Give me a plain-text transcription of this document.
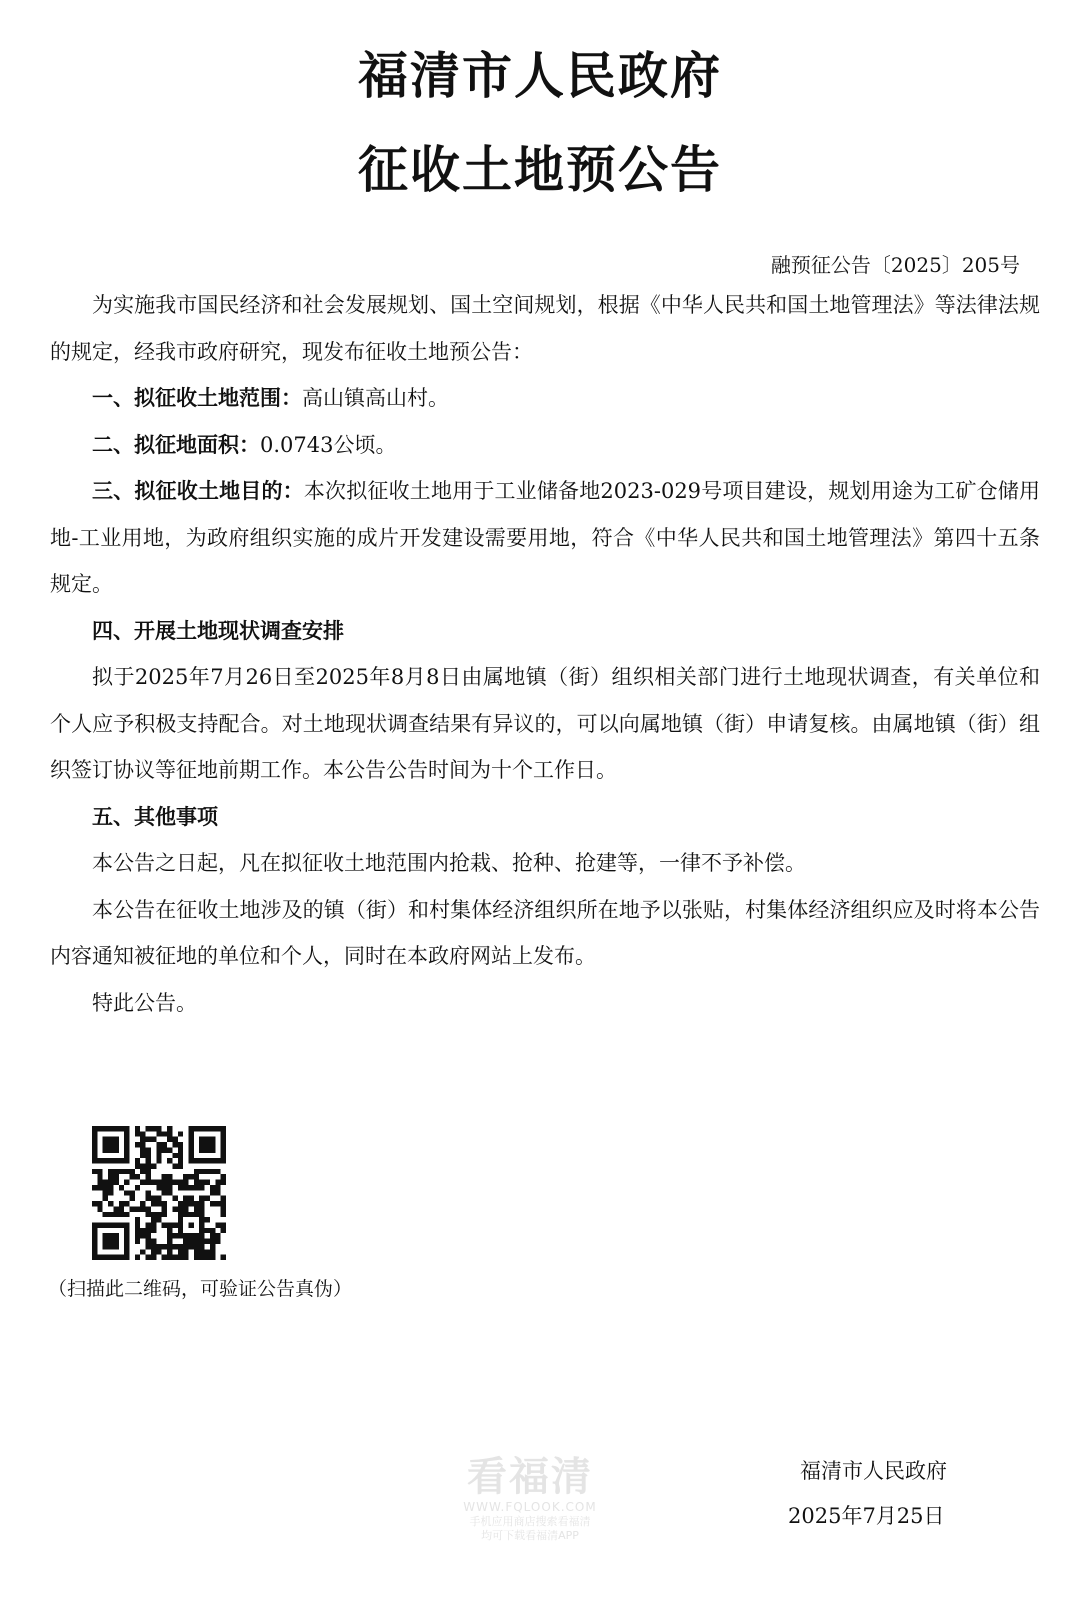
福清市人民政府
征收土地预公告
融预征公告〔2025〕205号

为实施我市国民经济和社会发展规划、国土空间规划，根据《中华人民共和国土地管理法》等法律法规的规定，经我市政府研究，现发布征收土地预公告：

一、拟征收土地范围：高山镇高山村。

二、拟征地面积：0.0743公顷。

三、拟征收土地目的：本次拟征收土地用于工业储备地2023-029号项目建设，规划用途为工矿仓储用地-工业用地，为政府组织实施的成片开发建设需要用地，符合《中华人民共和国土地管理法》第四十五条规定。

四、开展土地现状调查安排

拟于2025年7月26日至2025年8月8日由属地镇（街）组织相关部门进行土地现状调查，有关单位和个人应予积极支持配合。对土地现状调查结果有异议的，可以向属地镇（街）申请复核。由属地镇（街）组织签订协议等征地前期工作。本公告公告时间为十个工作日。

五、其他事项

本公告之日起，凡在拟征收土地范围内抢栽、抢种、抢建等，一律不予补偿。

本公告在征收土地涉及的镇（街）和村集体经济组织所在地予以张贴，村集体经济组织应及时将本公告内容通知被征地的单位和个人，同时在本政府网站上发布。

特此公告。

（扫描此二维码，可验证公告真伪）
看福清
WWW.FQLOOK.COM
手机应用商店搜索看福清
均可下载看福清APP
福清市人民政府
2025年7月25日
